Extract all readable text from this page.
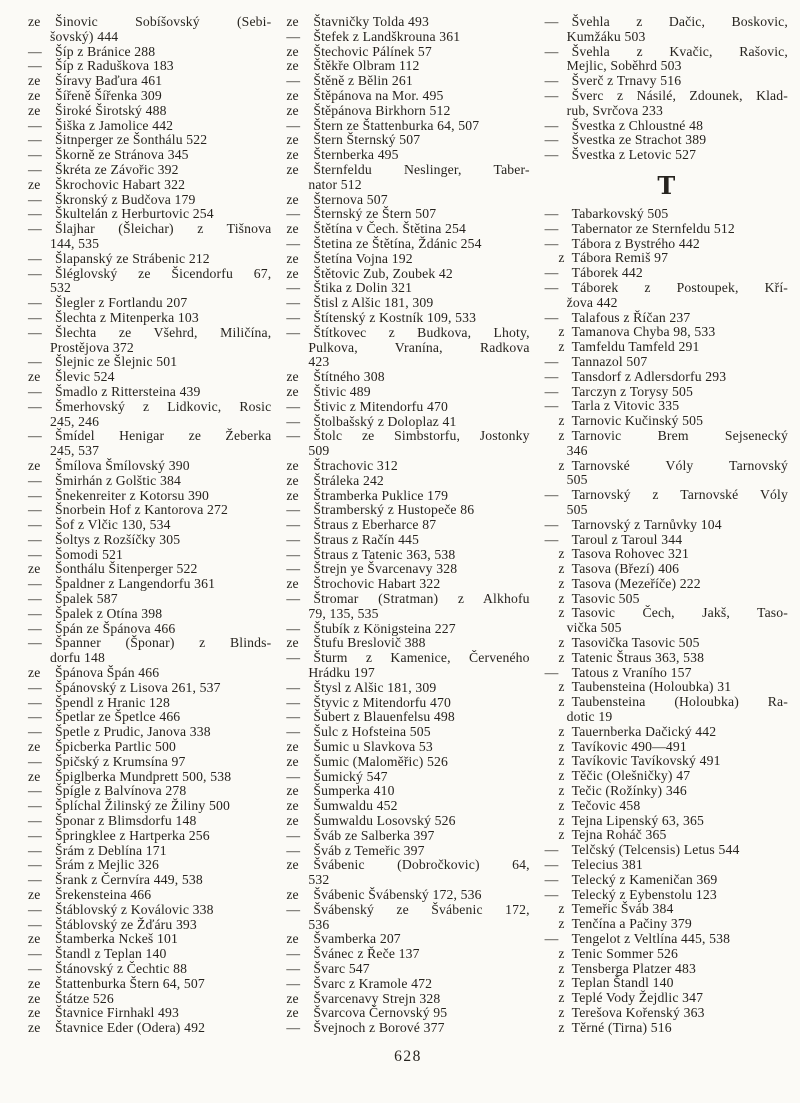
ze	Šinovic Sobíšovský (Sebi-
šovský) 444
— Šíp z Bránice 288
— Šíp z Raduškova 183
ze	Šíravy Baďura 461
ze	Šířeně Šířenka 309
ze	Široké Širotský 488
— Šiška z Jamolice 442
— Šitnperger ze Šonthálu 522
— Škorně ze Stránova 345
— Škréta ze Závořic 392
ze	Škrochovic Habart 322
— Škronský z Budčova 179
— Škultelán z Herburtovic 254
— Šlajhar (Šleichar) z Tišnova
144, 535
— Šlapanský ze Strábenic 212
— Šléglovský ze Šicendorfu 67,
532
— Šlegler z Fortlandu 207
— Šlechta z Mitenperka 103
— Šlechta ze Všehrd, Miličína,
Prostějova 372
— Šlejnic ze Šlejnic 501
ze	Šlevic 524
— Šmadlo z Rittersteina 439
— Šmerhovský z Lidkovic, Rosic
245, 246
— Šmídel Henigar ze Žeberka
245, 537
ze	Šmílova Šmílovský 390
— Šmirhán z Golštic 384
— Šnekenreiter z Kotorsu 390
— Šnorbein Hof z Kantorova 272
— Šof z Vlčic 130, 534
— Šoltys z Rozšíčky 305
— Šomodi 521
ze	Šonthálu Šitenperger 522
— Špaldner z Langendorfu 361
— Špalek 587
— Špalek z Otína 398
— Špán ze Špánova 466
— Španner (Šponar) z Blinds-
dorfu 148
ze	Špánova Špán 466
— Špánovský z Lisova 261, 537
— Špendl z Hranic 128
— Špetlar ze Špetlce 466
— Špetle z Prudic, Janova 338
ze	Špicberka Partlic 500
— Špičský z Krumsína 97
ze	Špiglberka Mundprett 500, 538
— Špígle z Balvínova 278
— Šplíchal Žilinský ze Žiliny 500
— Šponar z Blimsdorfu 148
— Špringklee z Hartperka 256
— Šrám z Deblína 171
— Šrám z Mejlic 326
— Šrank z Černvíra 449, 538
ze	Šrekensteina 466
— Štáblovský z Koválovic 338
— Štáblovský ze Žďáru 393
ze	Štamberka Nckeš 101
— Štandl z Teplan 140
— Štánovský z Čechtic 88
ze	Štattenburka Štern 64, 507
ze	Štátze 526
ze	Štavnice Firnhakl 493
ze	Štavnice Eder (Odera) 492
ze	Štavničky Tolda 493
— Štefek z Landškrouna 361
ze	Štechovic Pálínek 57
ze	Štěkře Olbram 112
— Štěně z Bělin 261
ze	Štěpánova na Mor. 495
ze	Štěpánova Birkhorn 512
— Štern ze Štattenburka 64, 507
ze	Štern Šternský 507
ze	Šternberka 495
ze	Šternfeldu Neslinger, Taber-
nator 512
ze	Šternova 507
— Šternský ze Štern 507
ze	Štětína v Čech. Štětina 254
— Štetina ze Štětína, Ždánic 254
ze	Štetína Vojna 192
ze	Štětovic Zub, Zoubek 42
— Štika z Dolin 321
— Štisl z Alšic 181, 309
— Štítenský z Kostník 109, 533
— Štítkovec z Budkova, Lhoty,
Pulkova, Vranína, Radkova
423
ze	Štítného 308
ze	Štivic 489
— Štivic z Mitendorfu 470
— Štolbašský z Doloplaz 41
— Štolc ze Simbstorfu, Jostonky
509
ze	Štrachovic 312
ze	Štráleka 242
ze	Štramberka Puklice 179
— Štramberský z Hustopeče 86
— Štraus z Eberharce 87
— Štraus z Račín 445
— Štraus z Tatenic 363, 538
— Štrejn ye Švarcenavy 328
ze	Štrochovic Habart 322
— Štromar (Stratman) z Alkhofu
79, 135, 535
— Štubík z Königsteina 227
ze	Štufu Breslovič 388
— Šturm z Kamenice, Červeného
Hrádku 197
— Štysl z Alšic 181, 309
— Štyvic z Mitendorfu 470
— Šubert z Blauenfelsu 498
— Šulc z Hofsteina 505
ze	Šumic u Slavkova 53
ze	Šumic (Maloměřic) 526
— Šumický 547
ze	Šumperka 410
ze	Šumwaldu 452
ze	Šumwaldu Losovský 526
— Šváb ze Salberka 397
— Šváb z Temeřic 397
ze	Švábenic (Dobročkovic) 64,
532
ze	Švábenic Švábenský 172, 536
— Švábenský ze Švábenic 172,
536
ze	Švamberka 207
— Švánec z Řeče 137
— Švarc 547
— Švarc z Kramole 472
ze	Švarcenavy Strejn 328
ze	Švarcova Černovský 95
— Švejnoch z Borové 377
— Švehla z Dačic, Boskovic,
Kumžáku 503
— Švehla z Kvačic, Rašovic,
Mejlic, Soběhrd 503
— Šverč z Trnavy 516
— Šverc z Násilé, Zdounek, Klad-
rub, Svrčova 233
— Švestka z Chloustné 48
— Švestka ze Strachot 389
— Švestka z Letovic 527
T
— Tabarkovský 505
— Tabernator ze Sternfeldu 512
— Tábora z Bystrého 442
z Tábora Remiš 97
— Táborek 442
— Táborek z Postoupek, Kří-
žova 442
— Talafous z Říčan 237
z Tamanova Chyba 98, 533
z Tamfeldu Tamfeld 291
— Tannazol 507
— Tansdorf z Adlersdorfu 293
— Tarczyn z Torysy 505
— Tarla z Vitovic 335
z Tarnovic Kučinský 505
z Tarnovic Brem Sejsenecký
346
z Tarnovské Vóly Tarnovský
505
— Tarnovský z Tarnovské Vóly
505
— Tarnovský z Tarnůvky 104
— Taroul z Taroul 344
z Tasova Rohovec 321
z Tasova (Březí) 406
z Tasova (Mezeříče) 222
z Tasovic 505
z Tasovic Čech, Jakš, Taso-
vička 505
z Tasovička Tasovic 505
z Tatenic Štraus 363, 538
— Tatous z Vraního 157
z Taubensteina (Holoubka) 31
z Taubensteina (Holoubka) Ra-
dotic 19
z Tauernberka Dačický 442
z Tavíkovic 490—491
z Tavíkovic Tavíkovský 491
z Těčic (Olešničky) 47
z Tečic (Rožínky) 346
z Tečovic 458
z Tejna Lipenský 63, 365
z Tejna Roháč 365
— Telčský (Telcensis) Letus 544
— Telecius 381
— Telecký z Kameničan 369
— Telecký z Eybenstolu 123
z Temeřic Šváb 384
z Tenčína a Pačiny 379
— Tengelot z Veltlína 445, 538
z Tenic Sommer 526
z Tensberga Platzer 483
z Teplan Štandl 140
z Teplé Vody Žejdlic 347
z Terešova Kořenský 363
z Těrné (Tirna) 516
628
